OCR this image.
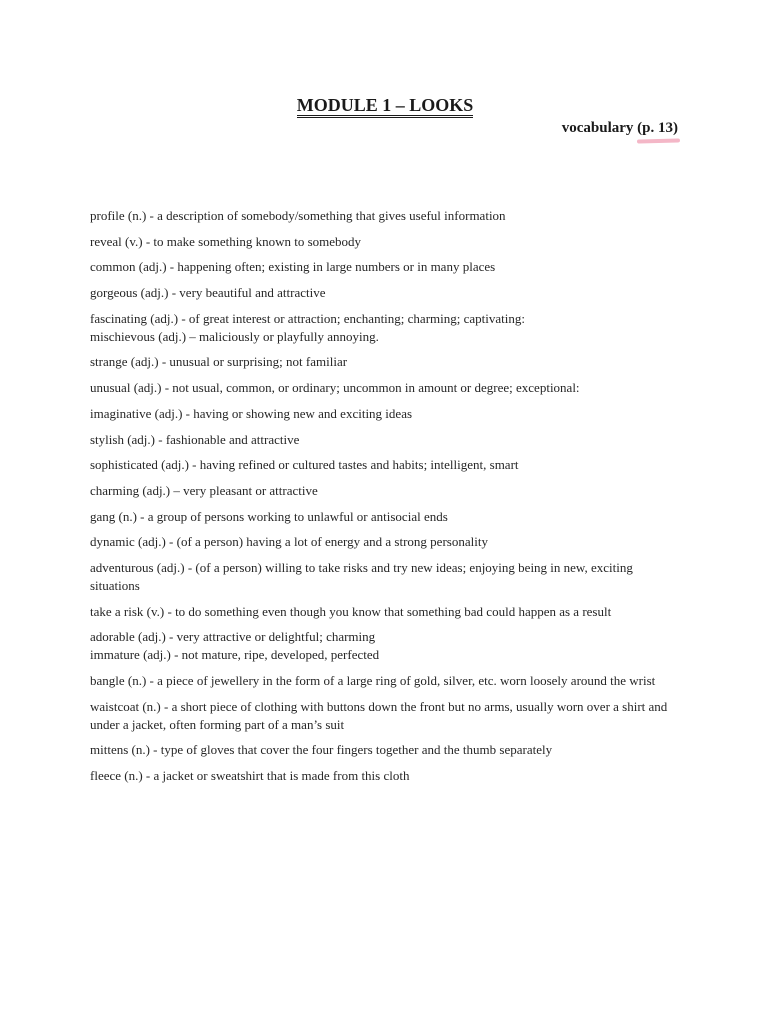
MODULE 1 – LOOKS
vocabulary (p. 13)
profile (n.) - a description of somebody/something that gives useful information
reveal (v.) - to make something known to somebody
common (adj.) - happening often; existing in large numbers or in many places
gorgeous (adj.) - very beautiful and attractive
fascinating (adj.) - of great interest or attraction; enchanting; charming; captivating:
mischievous (adj.) – maliciously or playfully annoying.
strange (adj.) - unusual or surprising; not familiar
unusual (adj.) - not usual, common, or ordinary; uncommon in amount or degree; exceptional:
imaginative (adj.) - having or showing new and exciting ideas
stylish (adj.) - fashionable and attractive
sophisticated (adj.) - having refined or cultured tastes and habits; intelligent, smart
charming (adj.) – very pleasant or attractive
gang (n.) - a group of persons working to unlawful or antisocial ends
dynamic (adj.) - (of a person) having a lot of energy and a strong personality
adventurous (adj.) - (of a person) willing to take risks and try new ideas; enjoying being in new, exciting situations
take a risk (v.) - to do something even though you know that something bad could happen as a result
adorable (adj.) - very attractive or delightful; charming
immature (adj.) - not mature, ripe, developed, perfected
bangle (n.) - a piece of jewellery in the form of a large ring of gold, silver, etc. worn loosely around the wrist
waistcoat (n.) - a short piece of clothing with buttons down the front but no arms, usually worn over a shirt and under a jacket, often forming part of a man’s suit
mittens (n.) - type of gloves that cover the four fingers together and the thumb separately
fleece (n.) - a jacket or sweatshirt that is made from this cloth
